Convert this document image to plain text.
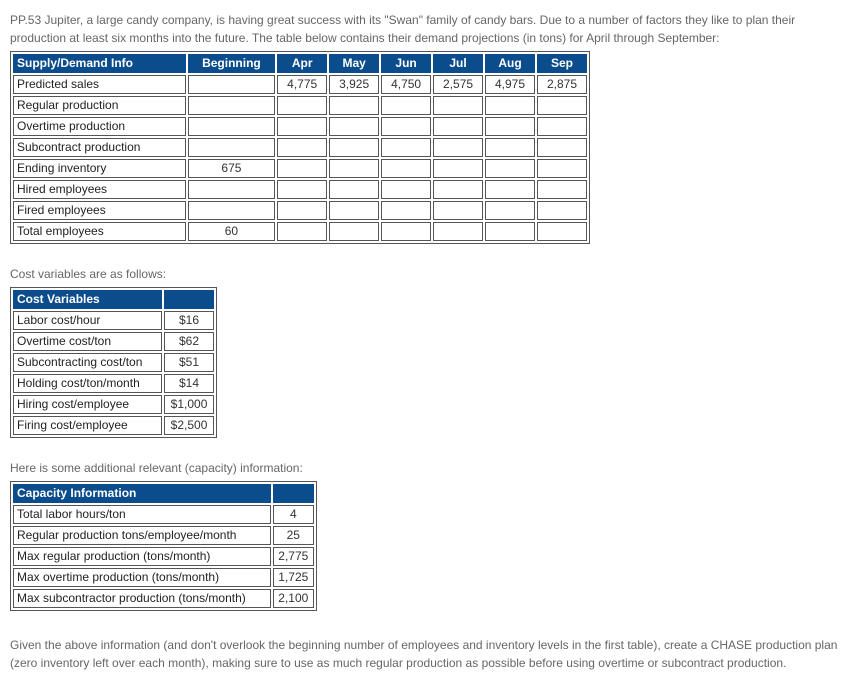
PP.53 Jupiter, a large candy company, is having great success with its "Swan" family of candy bars. Due to a number of factors they like to plan their
production at least six months into the future. The table below contains their demand projections (in tons) for April through September:

Supply/Demand Info	Beginning	Apr	May	Jun	Jul	Aug	Sep
Predicted sales		4,775	3,925	4,750	2,575	4,975	2,875
Regular production							
Overtime production							
Subcontract production							
Ending inventory	675						
Hired employees							
Fired employees							
Total employees	60						

Cost variables are as follows:

Cost Variables	
Labor cost/hour	$16
Overtime cost/ton	$62
Subcontracting cost/ton	$51
Holding cost/ton/month	$14
Hiring cost/employee	$1,000
Firing cost/employee	$2,500

Here is some additional relevant (capacity) information:

Capacity Information	
Total labor hours/ton	4
Regular production tons/employee/month	25
Max regular production (tons/month)	2,775
Max overtime production (tons/month)	1,725
Max subcontractor production (tons/month)	2,100

Given the above information (and don't overlook the beginning number of employees and inventory levels in the first table), create a CHASE production plan
(zero inventory left over each month), making sure to use as much regular production as possible before using overtime or subcontract production.
